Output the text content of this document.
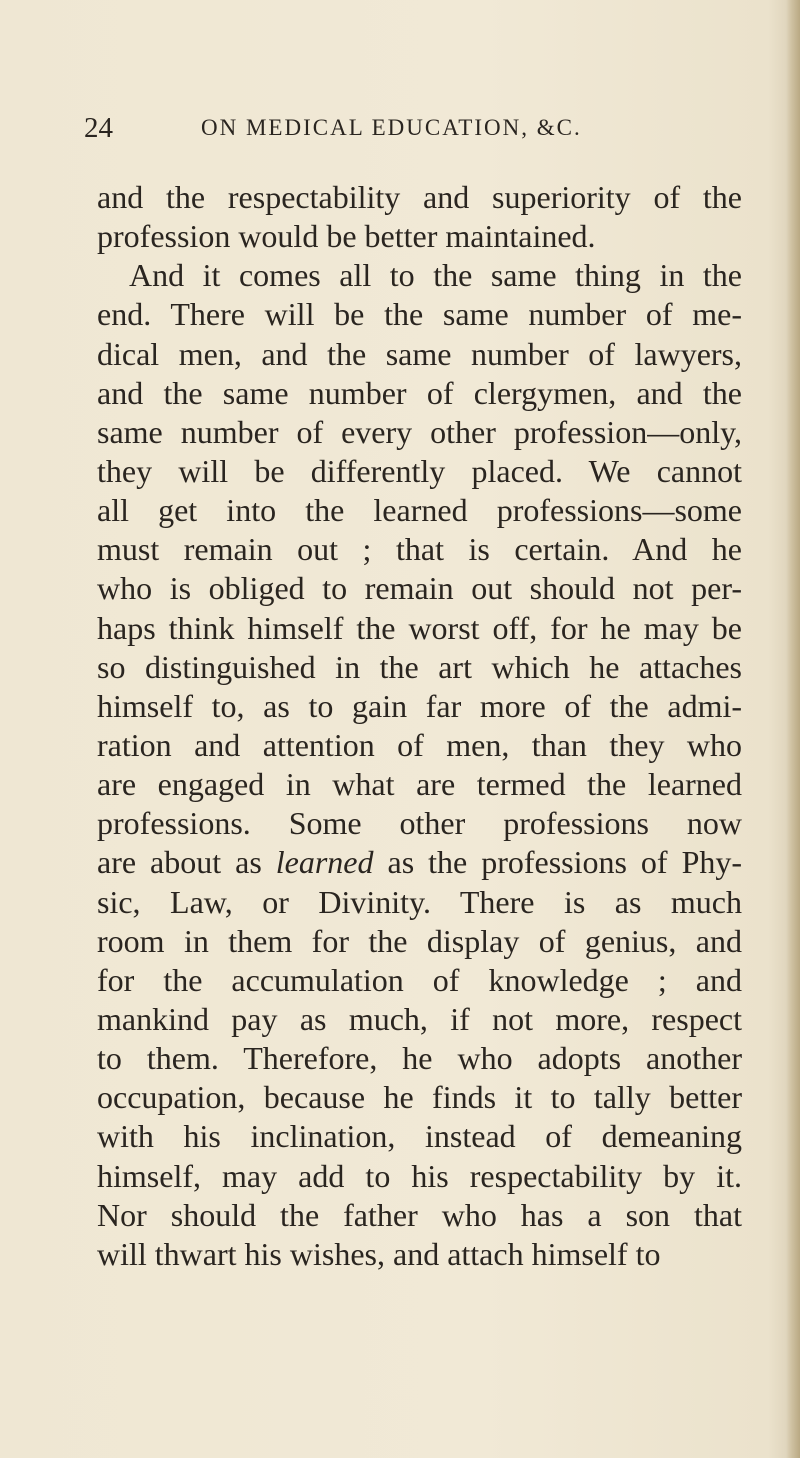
24	ON MEDICAL EDUCATION, &C.
and the respectability and superiority of the
profession would be better maintained.
And it comes all to the same thing in the
end. There will be the same number of me-
dical men, and the same number of lawyers,
and the same number of clergymen, and the
same number of every other profession—only,
they will be differently placed. We cannot
all get into the learned professions—some
must remain out ; that is certain. And he
who is obliged to remain out should not per-
haps think himself the worst off, for he may be
so distinguished in the art which he attaches
himself to, as to gain far more of the admi-
ration and attention of men, than they who
are engaged in what are termed the learned
professions. Some other professions now
are about as learned as the professions of Phy-
sic, Law, or Divinity. There is as much
room in them for the display of genius, and
for the accumulation of knowledge ; and
mankind pay as much, if not more, respect
to them. Therefore, he who adopts another
occupation, because he finds it to tally better
with his inclination, instead of demeaning
himself, may add to his respectability by it.
Nor should the father who has a son that
will thwart his wishes, and attach himself to
